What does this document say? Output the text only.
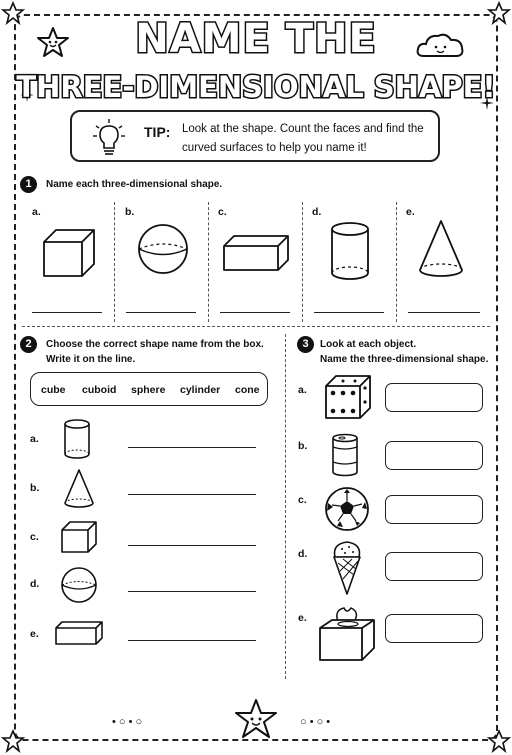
NAME THE
THREE-DIMENSIONAL SHAPE!
TIP: Look at the shape. Count the faces and find the curved surfaces to help you name it!
1	Name each three-dimensional shape.
a.	b.	c.	d.	e.
2	Choose the correct shape name from the box. Write it on the line.
cube cuboid sphere cylinder cone
a.
b.
c.
d.
e.
3	Look at each object.
Name the three-dimensional shape.
a.
b.
c.
d.
e.
• ○ • ○	○ • ○ •
